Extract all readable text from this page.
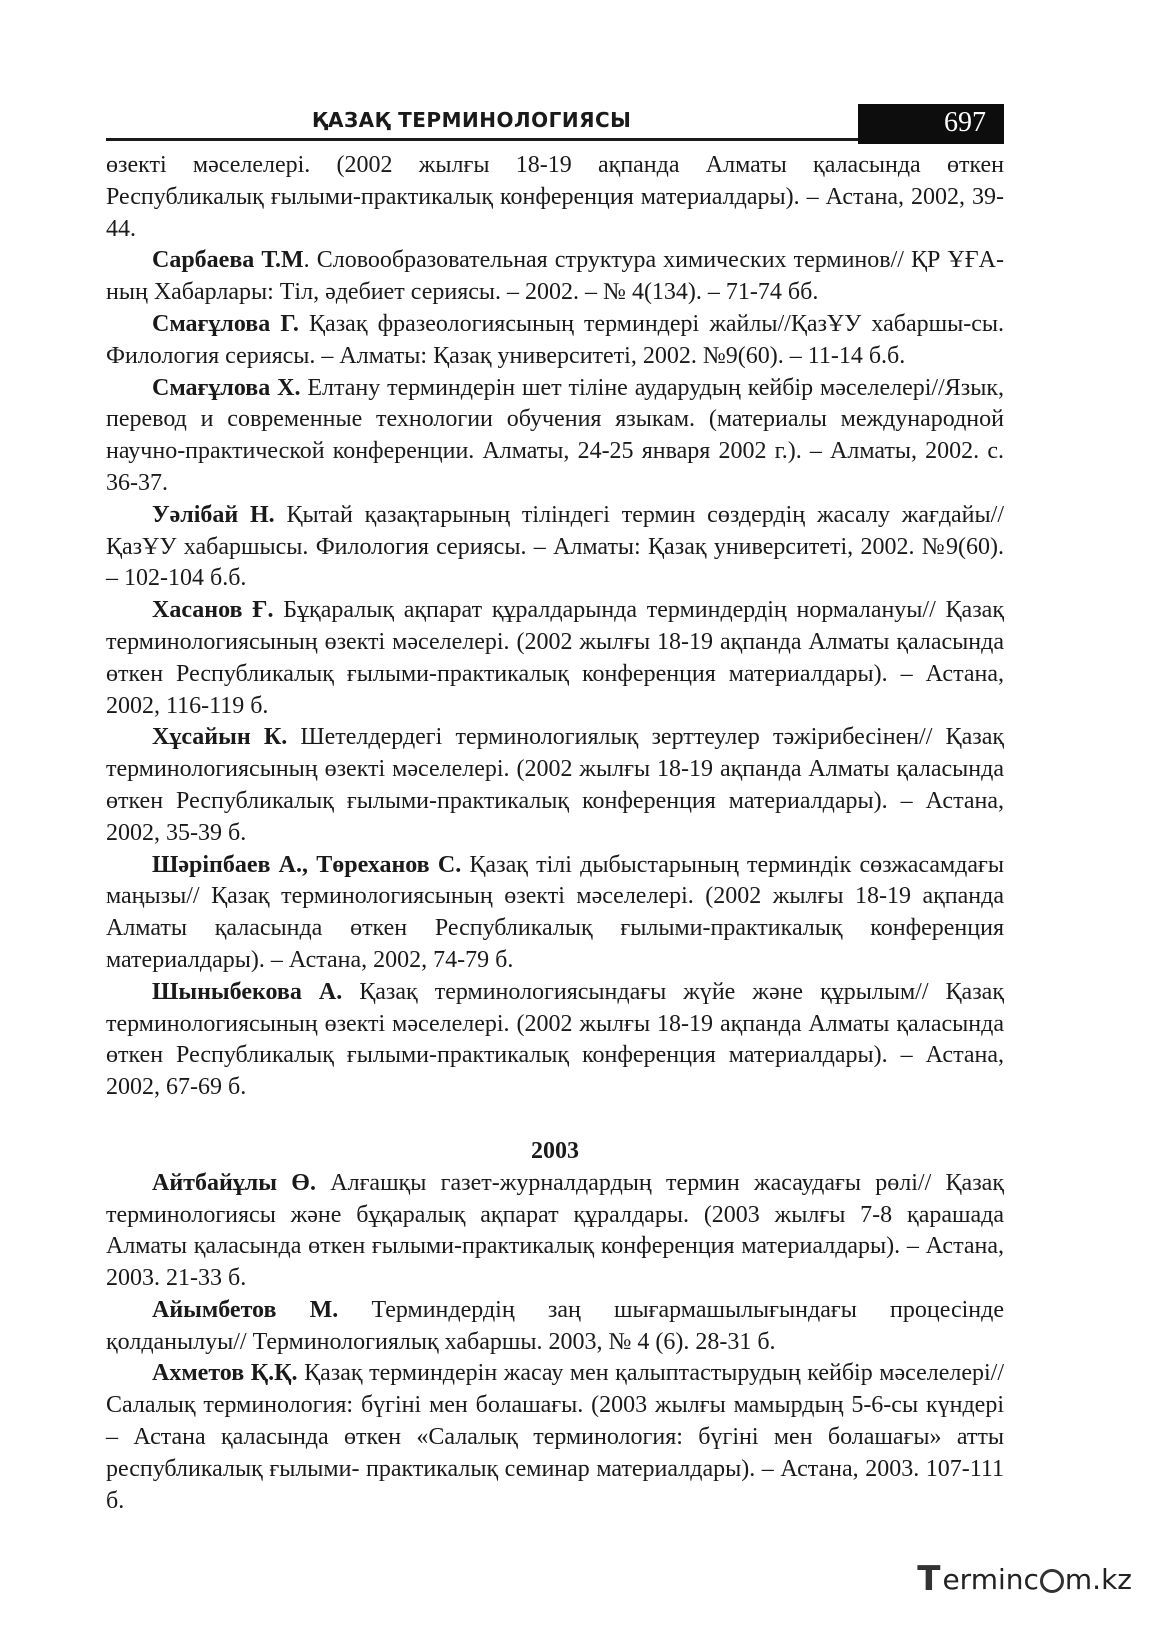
ҚАЗАҚ ТЕРМИНОЛОГИЯСЫ	697

өзекті мәселелері. (2002 жылғы 18-19 ақпанда Алматы қаласында өткен Республикалық ғылыми-практикалық конференция материалдары). – Астана, 2002, 39-44.

Сарбаева Т.М. Словообразовательная структура химических терминов// ҚР ҰҒА-ның Хабарлары: Тіл, әдебиет сериясы. – 2002. – № 4(134). – 71-74 бб.

Смағұлова Г. Қазақ фразеологиясының терминдері жайлы//ҚазҰУ хабаршы-сы. Филология сериясы. – Алматы: Қазақ университеті, 2002. №9(60). – 11-14 б.б.

Смағұлова Х. Елтану терминдерін шет тіліне аударудың кейбір мәселелері//Язык, перевод и современные технологии обучения языкам. (материалы международной научно-практической конференции. Алматы, 24-25 января 2002 г.). – Алматы, 2002. с. 36-37.

Уәлібай Н. Қытай қазақтарының тіліндегі термин сөздердің жасалу жағдайы//ҚазҰУ хабаршысы. Филология сериясы. – Алматы: Қазақ университеті, 2002. №9(60). – 102-104 б.б.

Хасанов Ғ. Бұқаралық ақпарат құралдарында терминдердің нормалануы// Қазақ терминологиясының өзекті мәселелері. (2002 жылғы 18-19 ақпанда Алматы қаласында өткен Республикалық ғылыми-практикалық конференция материалдары). – Астана, 2002, 116-119 б.

Хұсайын К. Шетелдердегі терминологиялық зерттеулер тәжірибесінен// Қазақ терминологиясының өзекті мәселелері. (2002 жылғы 18-19 ақпанда Алматы қаласында өткен Республикалық ғылыми-практикалық конференция материалдары). – Астана, 2002, 35-39 б.

Шәріпбаев А., Төреханов С. Қазақ тілі дыбыстарының терминдік сөзжасамдағы маңызы// Қазақ терминологиясының өзекті мәселелері. (2002 жылғы 18-19 ақпанда Алматы қаласында өткен Республикалық ғылыми-практикалық конференция материалдары). – Астана, 2002, 74-79 б.

Шыныбекова А. Қазақ терминологиясындағы жүйе және құрылым// Қазақ терминологиясының өзекті мәселелері. (2002 жылғы 18-19 ақпанда Алматы қаласында өткен Республикалық ғылыми-практикалық конференция материалдары). – Астана, 2002, 67-69 б.

2003

Айтбайұлы Ө. Алғашқы газет-журналдардың термин жасаудағы рөлі// Қазақ терминологиясы және бұқаралық ақпарат құралдары. (2003 жылғы 7-8 қарашада Алматы қаласында өткен ғылыми-практикалық конференция материалдары). – Астана, 2003. 21-33 б.

Айымбетов М. Терминдердің заң шығармашылығындағы процесінде қолданылуы// Терминологиялық хабаршы. 2003, № 4 (6). 28-31 б.

Ахметов Қ.Қ. Қазақ терминдерін жасау мен қалыптастырудың кейбір мәселелері// Салалық терминология: бүгіні мен болашағы. (2003 жылғы мамырдың 5-6-сы күндері – Астана қаласында өткен «Салалық терминология: бүгіні мен болашағы» атты республикалық ғылыми- практикалық семинар материалдары). – Астана, 2003. 107-111 б.

T ermin c m.kz
